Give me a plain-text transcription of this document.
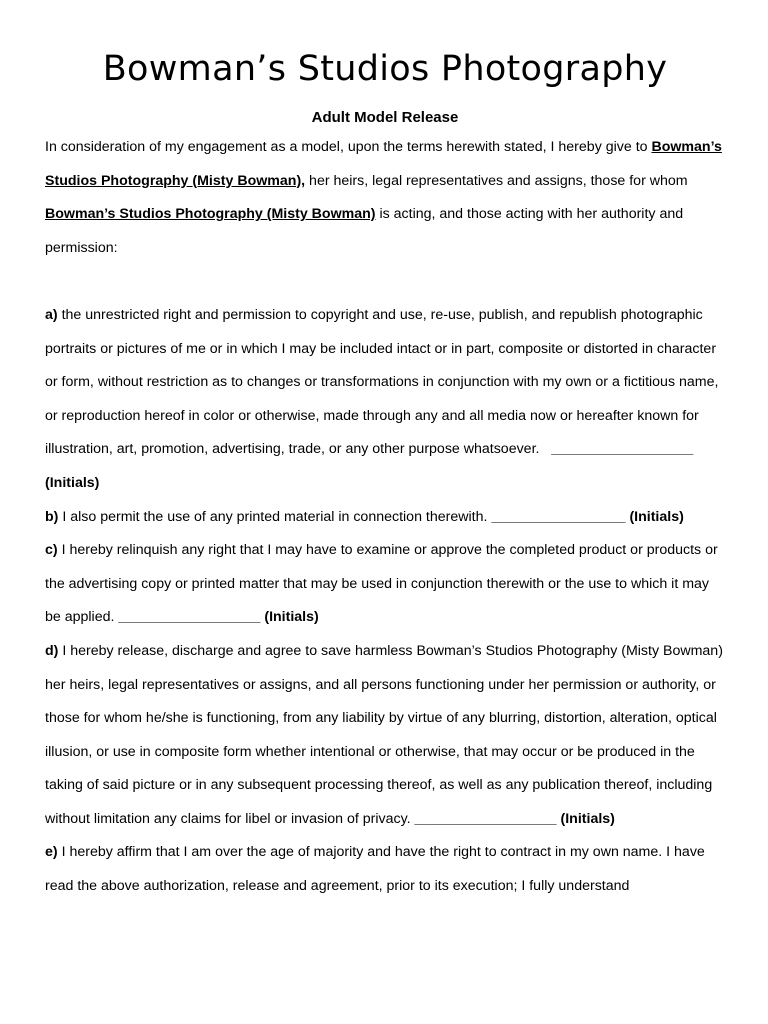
Bowman’s Studios Photography
Adult Model Release

In consideration of my engagement as a model, upon the terms herewith stated, I hereby give to Bowman’s Studios Photography (Misty Bowman), her heirs, legal representatives and assigns, those for whom Bowman’s Studios Photography (Misty Bowman) is acting, and those acting with her authority and permission:

a) the unrestricted right and permission to copyright and use, re-use, publish, and republish photographic portraits or pictures of me or in which I may be included intact or in part, composite or distorted in character or form, without restriction as to changes or transformations in conjunction with my own or a fictitious name, or reproduction hereof in color or otherwise, made through any and all media now or hereafter known for illustration, art, promotion, advertising, trade, or any other purpose whatsoever.   __________________ (Initials)

b) I also permit the use of any printed material in connection therewith. _________________ (Initials)

c) I hereby relinquish any right that I may have to examine or approve the completed product or products or the advertising copy or printed matter that may be used in conjunction therewith or the use to which it may be applied. __________________ (Initials)

d) I hereby release, discharge and agree to save harmless Bowman’s Studios Photography (Misty Bowman) her heirs, legal representatives or assigns, and all persons functioning under her permission or authority, or those for whom he/she is functioning, from any liability by virtue of any blurring, distortion, alteration, optical illusion, or use in composite form whether intentional or otherwise, that may occur or be produced in the taking of said picture or in any subsequent processing thereof, as well as any publication thereof, including without limitation any claims for libel or invasion of privacy. __________________ (Initials)

e) I hereby affirm that I am over the age of majority and have the right to contract in my own name. I have read the above authorization, release and agreement, prior to its execution; I fully understand
